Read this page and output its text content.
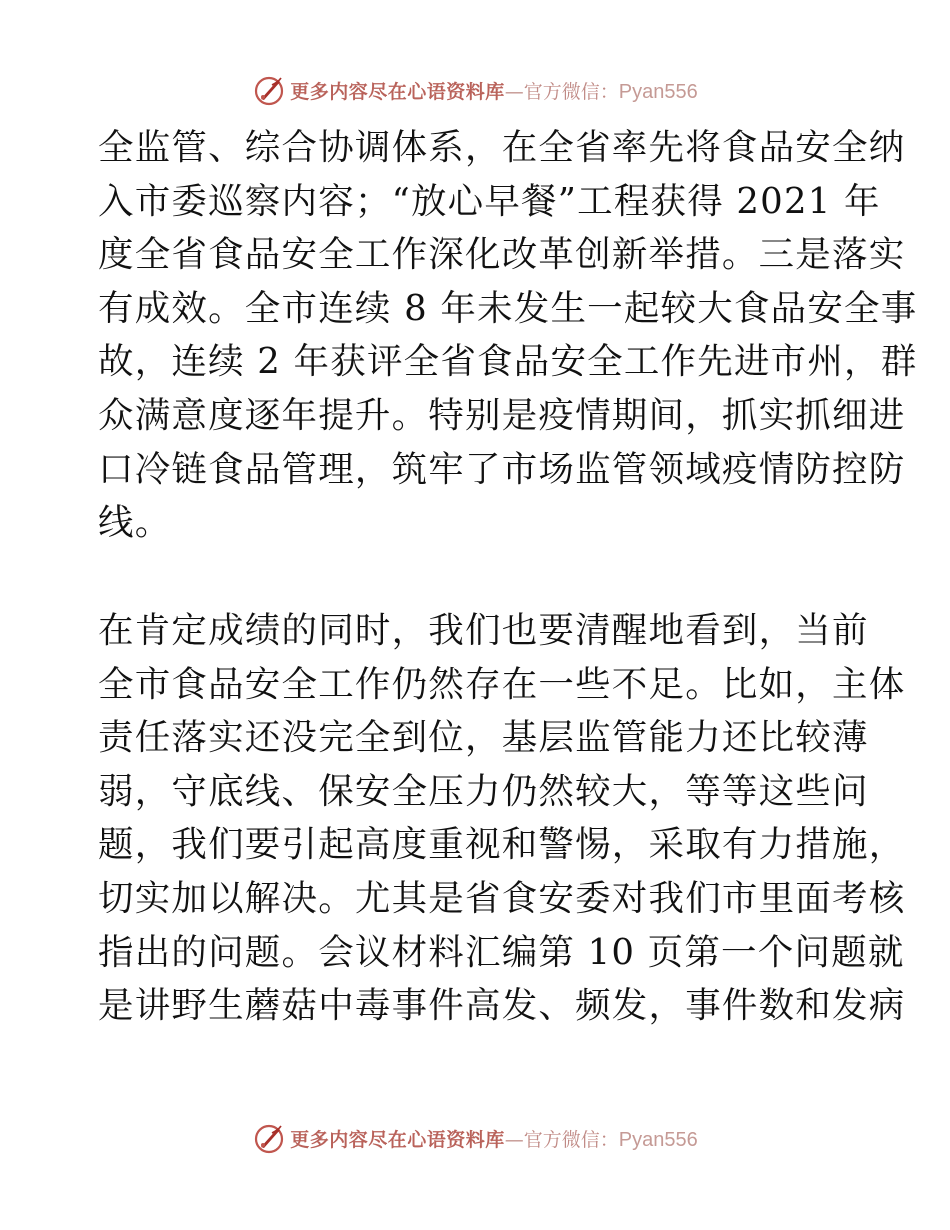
更多内容尽在心语资料库 — 官方微信： Pyan556
全监管、综合协调体系，在全省率先将食品安全纳
入市委巡察内容；“放心早餐”工程获得 2021 年
度全省食品安全工作深化改革创新举措。三是落实
有成效。全市连续 8 年未发生一起较大食品安全事
故，连续 2 年获评全省食品安全工作先进市州，群
众满意度逐年提升。特别是疫情期间，抓实抓细进
口冷链食品管理，筑牢了市场监管领域疫情防控防
线。
在肯定成绩的同时，我们也要清醒地看到，当前
全市食品安全工作仍然存在一些不足。比如，主体
责任落实还没完全到位，基层监管能力还比较薄
弱，守底线、保安全压力仍然较大，等等这些问
题，我们要引起高度重视和警惕，采取有力措施，
切实加以解决。尤其是省食安委对我们市里面考核
指出的问题。会议材料汇编第 10 页第一个问题就
是讲野生蘑菇中毒事件高发、频发，事件数和发病
更多内容尽在心语资料库 — 官方微信： Pyan556
